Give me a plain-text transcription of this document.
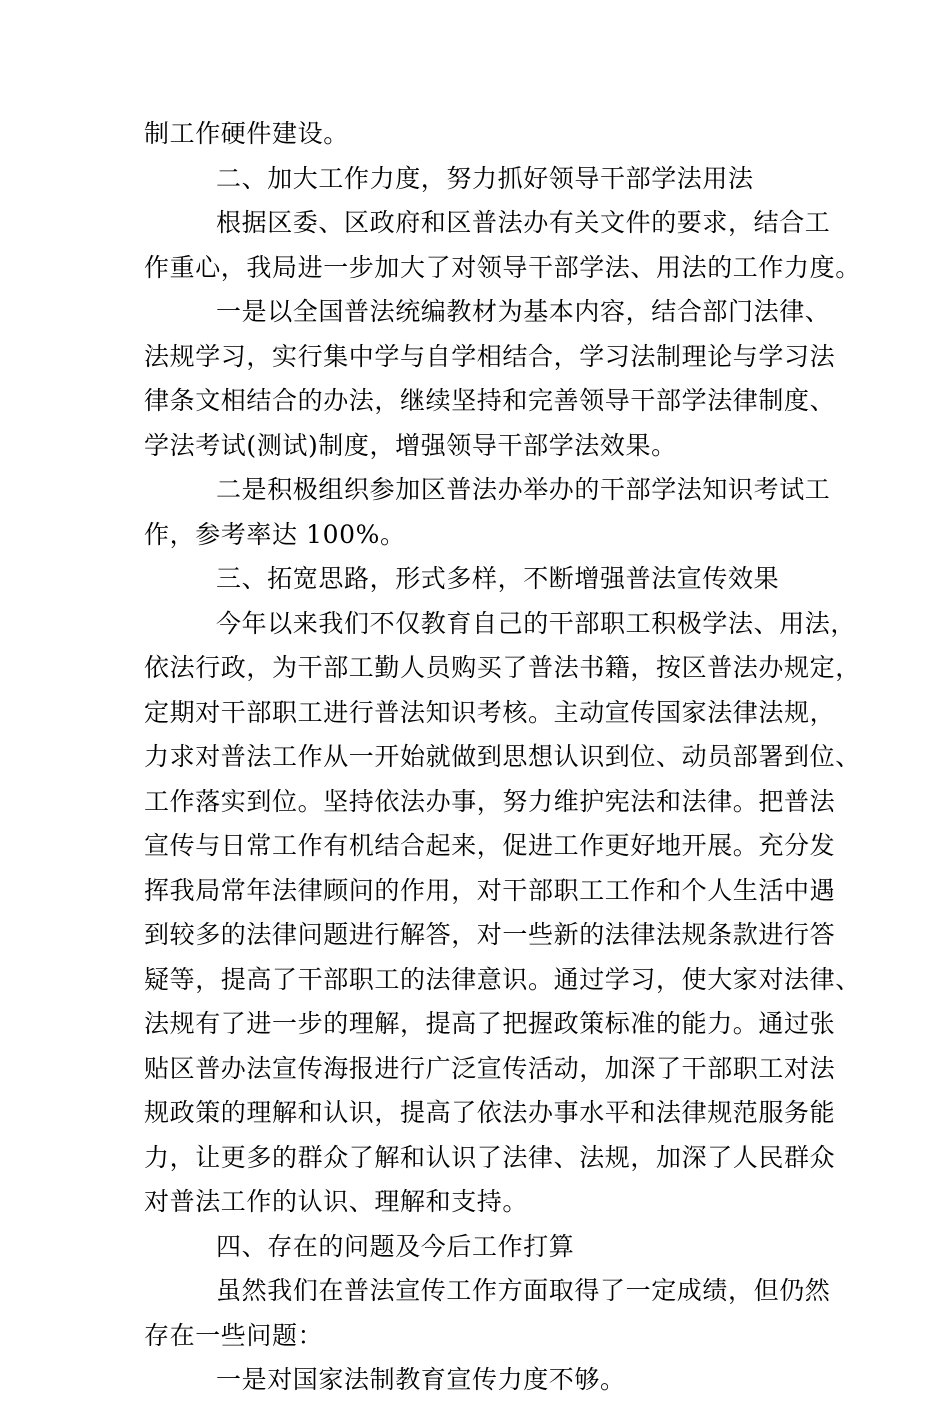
制工作硬件建设。
二、加大工作力度，努力抓好领导干部学法用法
根据区委、区政府和区普法办有关文件的要求，结合工
作重心，我局进一步加大了对领导干部学法、用法的工作力度。
一是以全国普法统编教材为基本内容，结合部门法律、
法规学习，实行集中学与自学相结合，学习法制理论与学习法
律条文相结合的办法，继续坚持和完善领导干部学法律制度、
学法考试(测试)制度，增强领导干部学法效果。
二是积极组织参加区普法办举办的干部学法知识考试工
作，参考率达 100%。
三、拓宽思路，形式多样，不断增强普法宣传效果
今年以来我们不仅教育自己的干部职工积极学法、用法，
依法行政，为干部工勤人员购买了普法书籍，按区普法办规定，
定期对干部职工进行普法知识考核。主动宣传国家法律法规，
力求对普法工作从一开始就做到思想认识到位、动员部署到位、
工作落实到位。坚持依法办事，努力维护宪法和法律。把普法
宣传与日常工作有机结合起来，促进工作更好地开展。充分发
挥我局常年法律顾问的作用，对干部职工工作和个人生活中遇
到较多的法律问题进行解答，对一些新的法律法规条款进行答
疑等，提高了干部职工的法律意识。通过学习，使大家对法律、
法规有了进一步的理解，提高了把握政策标准的能力。通过张
贴区普办法宣传海报进行广泛宣传活动，加深了干部职工对法
规政策的理解和认识，提高了依法办事水平和法律规范服务能
力，让更多的群众了解和认识了法律、法规，加深了人民群众
对普法工作的认识、理解和支持。
四、存在的问题及今后工作打算
虽然我们在普法宣传工作方面取得了一定成绩，但仍然
存在一些问题：
一是对国家法制教育宣传力度不够。
